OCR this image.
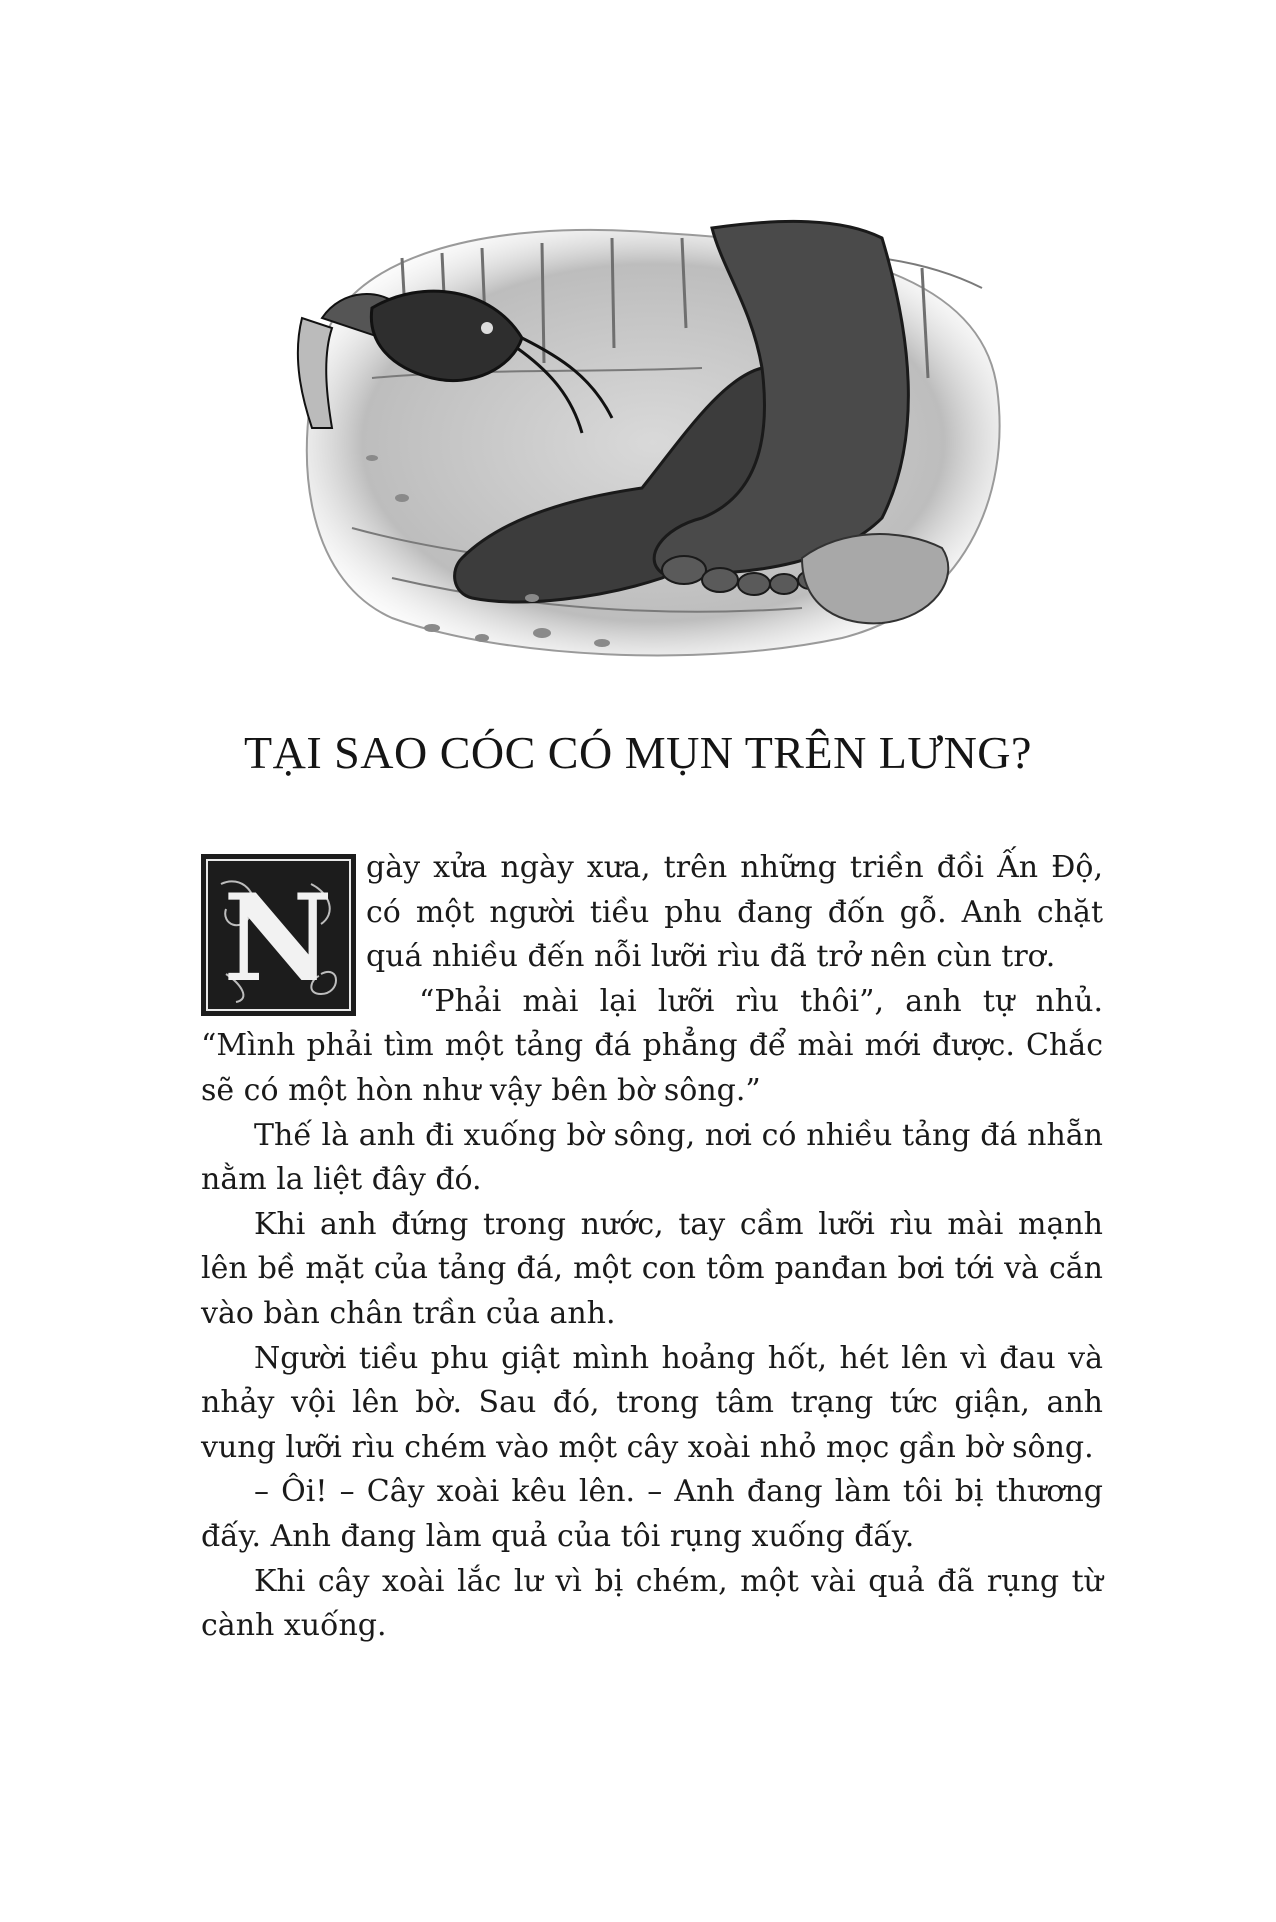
TẠI SAO CÓC CÓ MỤN TRÊN LƯNG?

N
gày xửa ngày xưa, trên những triền đồi Ấn Độ, có một người tiều phu đang đốn gỗ. Anh chặt quá nhiều đến nỗi lưỡi rìu đã trở nên cùn trơ.

“Phải mài lại lưỡi rìu thôi”, anh tự nhủ. “Mình phải tìm một tảng đá phẳng để mài mới được. Chắc sẽ có một hòn như vậy bên bờ sông.”

Thế là anh đi xuống bờ sông, nơi có nhiều tảng đá nhẵn nằm la liệt đây đó.

Khi anh đứng trong nước, tay cầm lưỡi rìu mài mạnh lên bề mặt của tảng đá, một con tôm panđan bơi tới và cắn vào bàn chân trần của anh.

Người tiều phu giật mình hoảng hốt, hét lên vì đau và nhảy vội lên bờ. Sau đó, trong tâm trạng tức giận, anh vung lưỡi rìu chém vào một cây xoài nhỏ mọc gần bờ sông.

– Ôi! – Cây xoài kêu lên. – Anh đang làm tôi bị thương đấy. Anh đang làm quả của tôi rụng xuống đấy.

Khi cây xoài lắc lư vì bị chém, một vài quả đã rụng từ cành xuống.
